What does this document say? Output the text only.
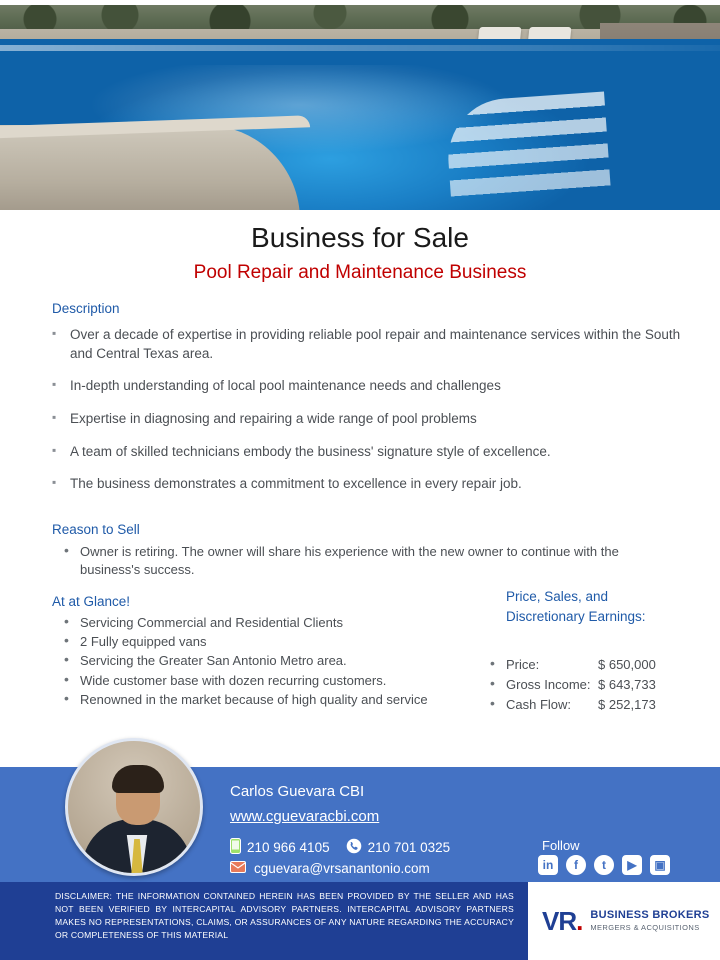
Business for Sale
Pool Repair and Maintenance Business
Description
▪ Over a decade of expertise in providing reliable pool repair and maintenance services within the South and Central Texas area.
▪ In-depth understanding of local pool maintenance needs and challenges
▪ Expertise in diagnosing and repairing a wide range of pool problems
▪ A team of skilled technicians embody the business' signature style of excellence.
▪ The business demonstrates a commitment to excellence in every repair job.
Reason to Sell
• Owner is retiring. The owner will share his experience with the new owner to continue with the business's success.
At at Glance!
• Servicing Commercial and Residential Clients
• 2 Fully equipped vans
• Servicing the Greater San Antonio Metro area.
• Wide customer base with dozen recurring customers.
• Renowned in the market because of high quality and service
Price, Sales, and
Discretionary Earnings:
• Price:	$ 650,000
• Gross Income: $ 643,733
• Cash Flow: $ 252,173
Carlos Guevara CBI
www.cguevaracbi.com
210 966 4105	210 701 0325
cguevara@vrsanantonio.com
Follow
in	f	t	▶	▣
DISCLAIMER: THE INFORMATION CONTAINED HEREIN HAS BEEN PROVIDED BY THE SELLER AND HAS NOT BEEN VERIFIED BY INTERCAPITAL ADVISORY PARTNERS. INTERCAPITAL ADVISORY PARTNERS MAKES NO REPRESENTATIONS, CLAIMS, OR ASSURANCES OF ANY NATURE REGARDING THE ACCURACY OR COMPLETENESS OF THIS MATERIAL	VR. BUSINESS BROKERS
MERGERS & ACQUISITIONS
